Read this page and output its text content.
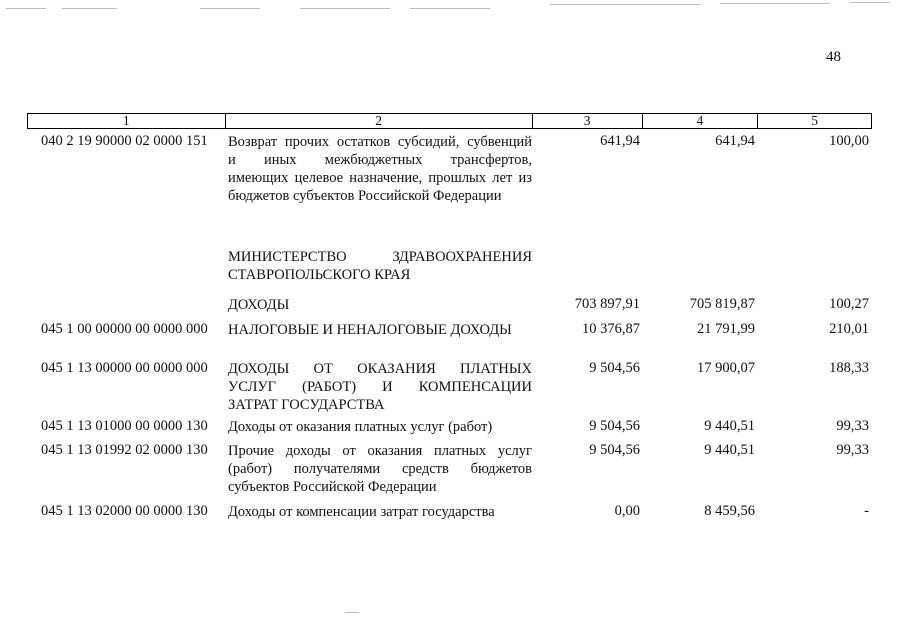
48
1	2	3	4	5
040 2 19 90000 02 0000 151 Возврат прочих остатков субсидий, субвенций
и иных межбюджетных трансфертов,
имеющих целевое назначение, прошлых лет из
бюджетов субъектов Российской Федерации
641,94	641,94	100,00
МИНИСТЕРСТВО ЗДРАВООХРАНЕНИЯ
СТАВРОПОЛЬСКОГО КРАЯ
ДОХОДЫ	703 897,91	705 819,87	100,27
045 1 00 00000 00 0000 000 НАЛОГОВЫЕ И НЕНАЛОГОВЫЕ ДОХОДЫ	10 376,87	21 791,99	210,01
045 1 13 00000 00 0000 000 ДОХОДЫ ОТ ОКАЗАНИЯ ПЛАТНЫХ
УСЛУГ (РАБОТ) И КОМПЕНСАЦИИ
ЗАТРАТ ГОСУДАРСТВА
9 504,56	17 900,07	188,33
045 1 13 01000 00 0000 130 Доходы от оказания платных услуг (работ)	9 504,56	9 440,51	99,33
045 1 13 01992 02 0000 130 Прочие доходы от оказания платных услуг
(работ) получателями средств бюджетов
субъектов Российской Федерации
9 504,56	9 440,51	99,33
045 1 13 02000 00 0000 130 Доходы от компенсации затрат государства	0,00	8 459,56	-
